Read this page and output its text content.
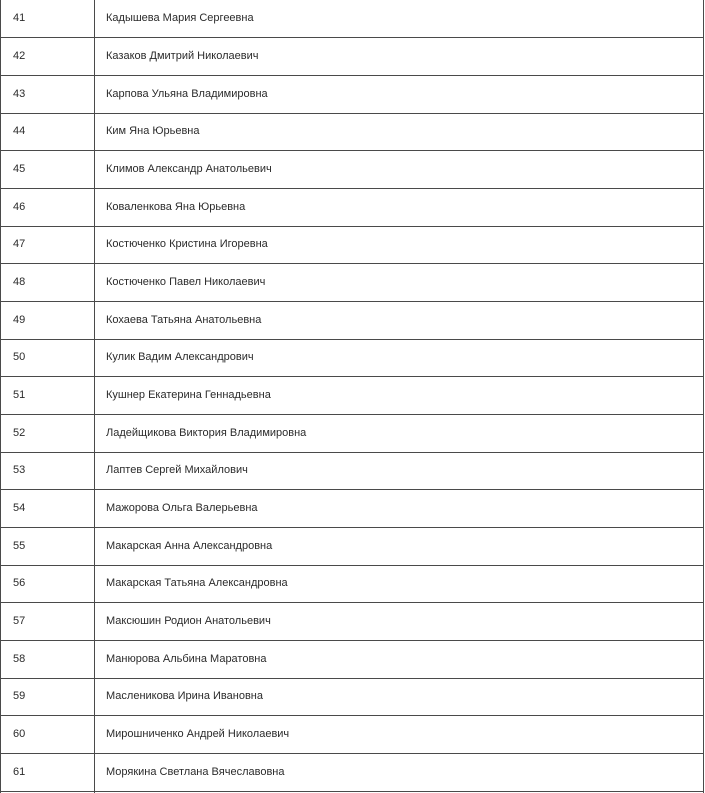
41	Кадышева Мария Сергеевна
42	Казаков Дмитрий Николаевич
43	Карпова Ульяна Владимировна
44	Ким Яна Юрьевна
45	Климов Александр Анатольевич
46	Коваленкова Яна Юрьевна
47	Костюченко Кристина Игоревна
48	Костюченко Павел Николаевич
49	Кохаева Татьяна Анатольевна
50	Кулик Вадим Александрович
51	Кушнер Екатерина Геннадьевна
52	Ладейщикова Виктория Владимировна
53	Лаптев Сергей Михайлович
54	Мажорова Ольга Валерьевна
55	Макарская Анна Александровна
56	Макарская Татьяна Александровна
57	Максюшин Родион Анатольевич
58	Манюрова Альбина Маратовна
59	Масленикова Ирина Ивановна
60	Мирошниченко Андрей Николаевич
61	Морякина Светлана Вячеславовна
